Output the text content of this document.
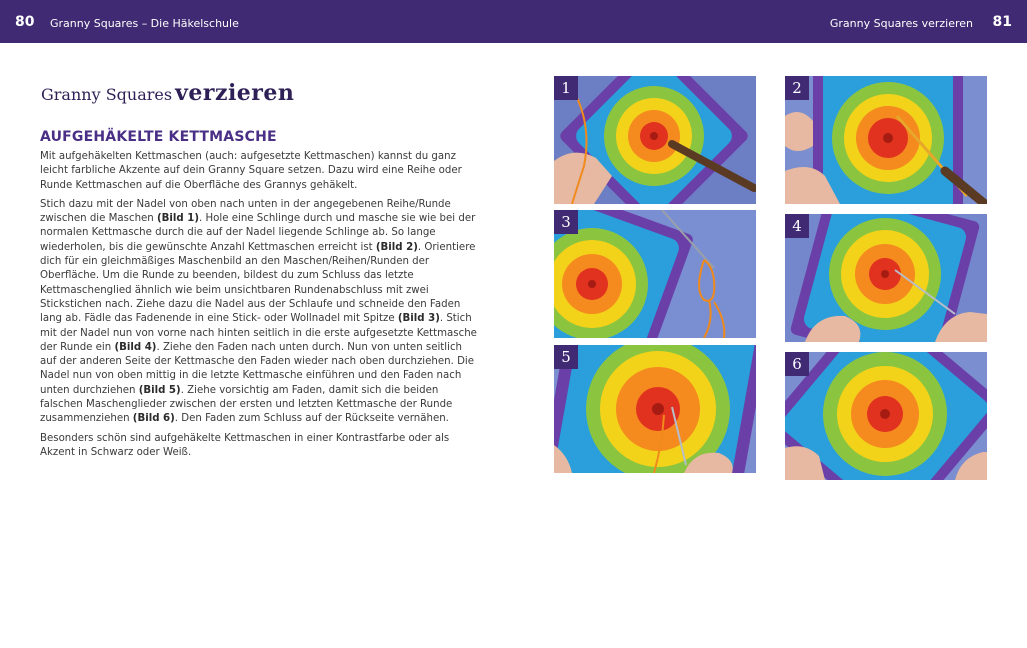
80 Granny Squares – Die Häkelschule	Granny Squares verzieren 81
Granny Squares verzieren
AUFGEHÄKELTE KETTMASCHE

Mit aufgehäkelten Kettmaschen (auch: aufgesetzte Kettmaschen) kannst du ganz leicht farbliche Akzente auf dein Granny Square setzen. Dazu wird eine Reihe oder Runde Kettmaschen auf die Oberfläche des Grannys gehäkelt.

Stich dazu mit der Nadel von oben nach unten in der angegebenen Reihe/Runde zwischen die Maschen (Bild 1). Hole eine Schlinge durch und masche sie wie bei der normalen Kettmasche durch die auf der Nadel liegende Schlinge ab. So lange wiederholen, bis die gewünschte Anzahl Kettmaschen erreicht ist (Bild 2). Orientiere dich für ein gleichmäßiges Maschenbild an den Maschen/Reihen/Runden der Oberfläche. Um die Runde zu beenden, bildest du zum Schluss das letzte Kettmaschenglied ähnlich wie beim unsichtbaren Rundenabschluss mit zwei Stickstichen nach. Ziehe dazu die Nadel aus der Schlaufe und schneide den Faden lang ab. Fädle das Fadenende in eine Stick- oder Wollnadel mit Spitze (Bild 3). Stich mit der Nadel nun von vorne nach hinten seitlich in die erste aufgesetzte Kettmasche der Runde ein (Bild 4). Ziehe den Faden nach unten durch. Nun von unten seitlich auf der anderen Seite der Kettmasche den Faden wieder nach oben durchziehen. Die Nadel nun von oben mittig in die letzte Kettmasche einführen und den Faden nach unten durchziehen (Bild 5). Ziehe vorsichtig am Faden, damit sich die beiden falschen Maschenglieder zwischen der ersten und letzten Kettmasche der Runde zusammenziehen (Bild 6). Den Faden zum Schluss auf der Rückseite vernähen.

Besonders schön sind aufgehäkelte Kettmaschen in einer Kontrastfarbe oder als Akzent in Schwarz oder Weiß.

1	2
3	4
5	6
